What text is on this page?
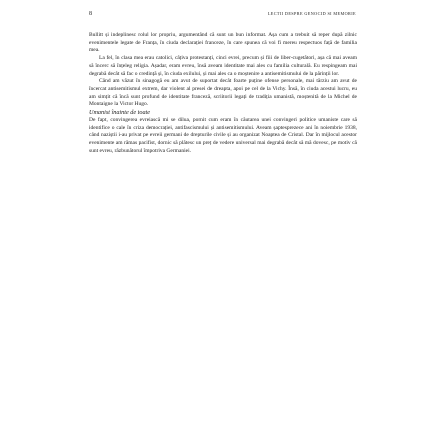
8	LECTII DESPRE GENOCID SI MEMORIE

Bullitt și indeplinesc rolul lor propriu, argumentând că sunt un bun informat. Așa cum a trebuit să reper după zilnic evenimentele legate de Franța, în ciuda declarației franceze, în care spunea că voi fi mereu respectuos față de familia mea.

La fel, în clasa mea erau catolici, câțiva protestanți, cinci evrei, precum și fiii de liber-cugetători, așa că mai aveam să încerc să înțeleg religia. Așadar, eram evreu, însă aveam identitate mai ales cu familia culturală. Eu respingeam mai degrabă decât să fac o credință și, în ciuda exilului, și mai ales ca o moștenire a antisemitismului de la părinții lor.

Când am văzut în sinagogă eu am avut de suportat decât foarte puține ofense personale, mai tărziu am avut de încercat antisemitismul extrem, dar violent al presei de dreapta, apoi pe cel de la Vichy. Însă, în ciuda acestui lucru, eu am simțit că încă sunt profund de identitate franceză, scriitorii legați de tradiția umanistă, moștenită de la Michel de Montaigne la Victor Hugo.

Umanist înainte de toate

De fapt, convingerea evreiască mi se dilua, pornit cum eram în căutarea unei convingeri politice umaniste care să identifice o cale în criza democrației, antifascismului și antisemitismului. Aveam șaptesprezece ani în noiembrie 1938, când naziștii i-au privat pe evreii germani de drepturile civile și au organizat Noaptea de Cristal. Dar în mijlocul acestor evenimente am rămas pacifist, dornic să plătesc un preț de vedere universal mai degrabă decât să mă dovesc, pe motiv că sunt evreu, răzbunătorul împotriva Germaniei.
